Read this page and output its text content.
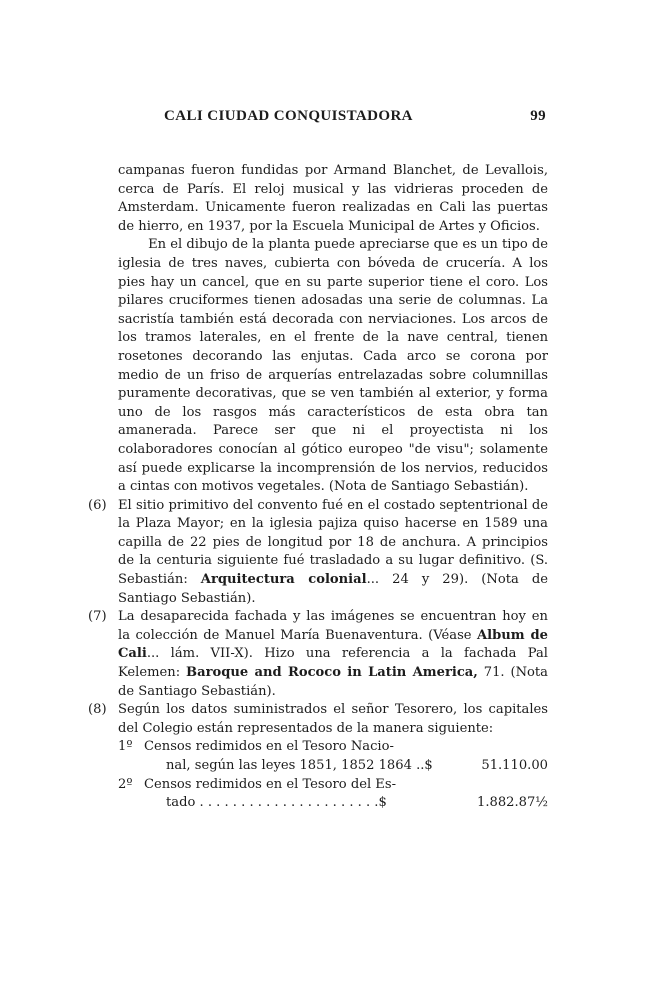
CALI CIUDAD CONQUISTADORA	99

campanas fueron fundidas por Armand Blanchet, de Levallois, cerca de París. El reloj musical y las vidrieras proceden de Amsterdam. Unicamente fueron realizadas en Cali las puertas de hierro, en 1937, por la Escuela Municipal de Artes y Oficios.

En el dibujo de la planta puede apreciarse que es un tipo de iglesia de tres naves, cubierta con bóveda de crucería. A los pies hay un cancel, que en su parte superior tiene el coro. Los pilares cruciformes tienen adosadas una serie de columnas. La sacristía también está decorada con nerviaciones. Los arcos de los tramos laterales, en el frente de la nave central, tienen rosetones decorando las enjutas. Cada arco se corona por medio de un friso de arquerías entrelazadas sobre columnillas puramente decorativas, que se ven también al exterior, y forma uno de los rasgos más característicos de esta obra tan amanerada. Parece ser que ni el proyectista ni los colaboradores conocían al gótico europeo "de visu"; solamente así puede explicarse la incomprensión de los nervios, reducidos a cintas con motivos vegetales. (Nota de Santiago Sebastián).

(6) El sitio primitivo del convento fué en el costado septentrional de la Plaza Mayor; en la iglesia pajiza quiso hacerse en 1589 una capilla de 22 pies de longitud por 18 de anchura. A principios de la centuria siguiente fué trasladado a su lugar definitivo. (S. Sebastián: Arquitectura colonial... 24 y 29). (Nota de Santiago Sebastián).

(7) La desaparecida fachada y las imágenes se encuentran hoy en la colección de Manuel María Buenaventura. (Véase Album de Cali... lám. VII-X). Hizo una referencia a la fachada Pal Kelemen: Baroque and Rococo in Latin America, 71. (Nota de Santiago Sebastián).

(8) Según los datos suministrados el señor Tesorero, los capitales del Colegio están representados de la manera siguiente:

1º Censos redimidos en el Tesoro Nacio-
nal, según las leyes 1851, 1852 1864 ..$	51.110.00
2º Censos redimidos en el Tesoro del Es-
tado . . . . . . . . . . . . . . . . . . . . . .$	1.882.87½
